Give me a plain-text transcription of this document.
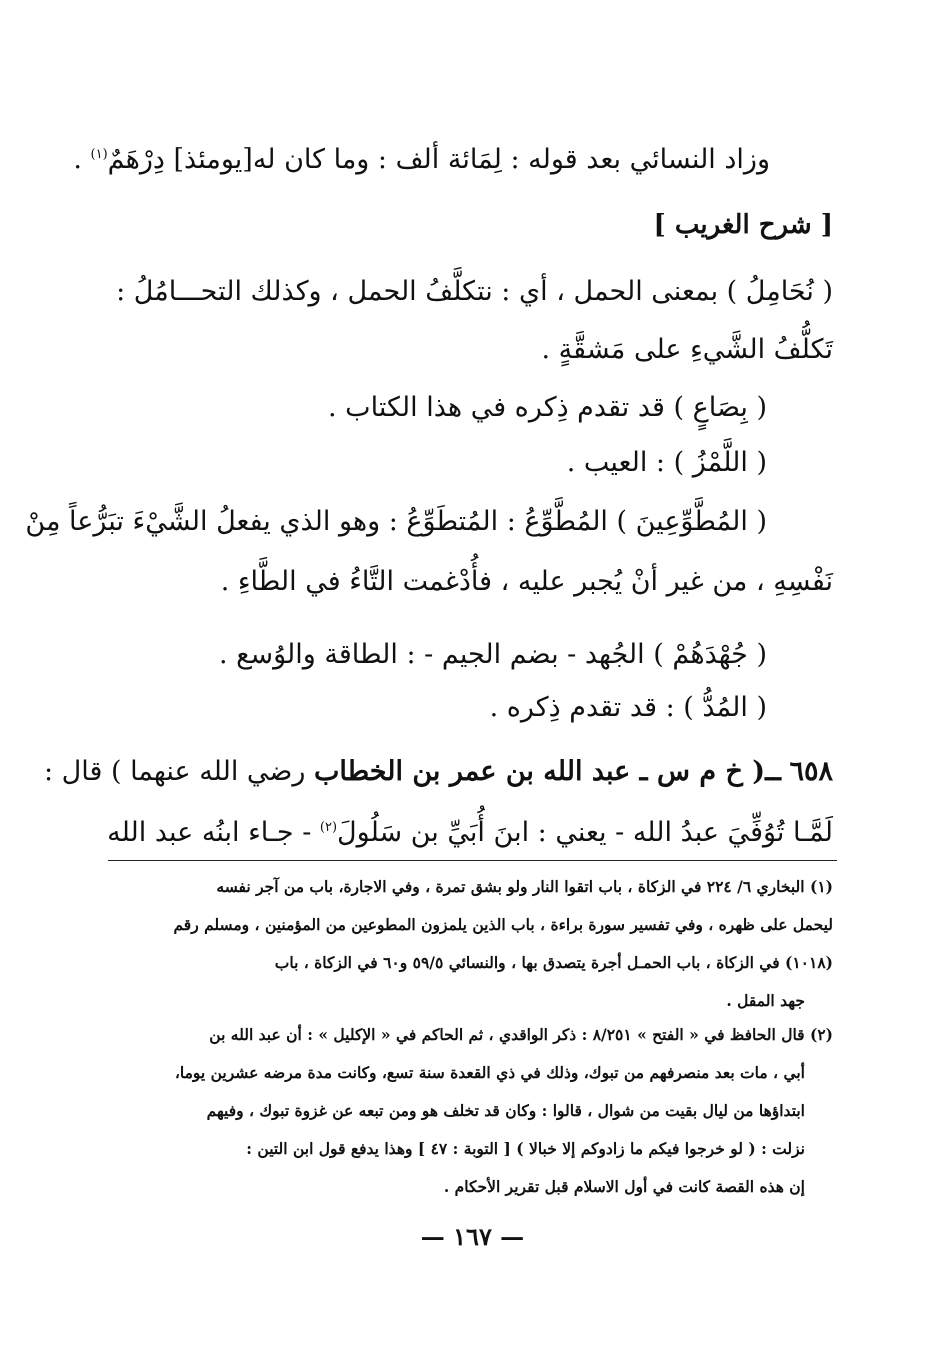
وزاد النسائي بعد قوله : لِمَائة ألف : وما كان له[يومئذ] دِرْهَمٌ$^{(١)}$ .
[ شرح الغريب ]
( نُحَامِلُ ) بمعنى الحمل ، أي : نتكلَّفُ الحمل ، وكذلك التحـــامُلُ :
تَكلُّفُ الشَّيءِ على مَشقَّةٍ .
( بِصَاعٍ ) قد تقدم ذِكره في هذا الكتاب .
( اللَّمْزُ ) : العيب .
( المُطَّوِّعِينَ ) المُطَّوِّعُ : المُتطَوِّعُ : وهو الذي يفعلُ الشَّيْءَ تبَرُّعاً مِنْ
نَفْسِهِ ، من غير أنْ يُجبر عليه ، فأُدْغمت التَّاءُ في الطَّاءِ .
( جُهْدَهُمْ ) الجُهد - بضم الجيم - : الطاقة والوُسع .
( المُدُّ ) : قد تقدم ذِكره .
٦٥٨ ــ( خ م س ـ عبد الله بن عمر بن الخطاب رضي الله عنهما ) قال :
لَمَّـا تُوُفِّيَ عبدُ الله - يعني : ابنَ أُبَيِّ بن سَلُولَ$^{(٢)}$ - جـاء ابنُه عبد الله
(١) البخاري ٦/ ٢٢٤ في الزكاة ، باب اتقوا النار ولو بشق تمرة ، وفي الاجارة، باب من آجر نفسه
ليحمل على ظهره ، وفي تفسير سورة براءة ، باب الذين يلمزون المطوعين من المؤمنين ، ومسلم رقم
(١٠١٨) في الزكاة ، باب الحمـل أجرة يتصدق بها ، والنسائي ٥٩/٥ و٦٠ في الزكاة ، باب
جهد المقل .
(٢) قال الحافظ في « الفتح » ٨/٢٥١ : ذكر الواقدي ، ثم الحاكم في « الإكليل » : أن عبد الله بن
أبي ، مات بعد منصرفهم من تبوك، وذلك في ذي القعدة سنة تسع، وكانت مدة مرضه عشرين يوما،
ابتداؤها من ليال بقيت من شوال ، قالوا : وكان قد تخلف هو ومن تبعه عن غزوة تبوك ، وفيهم
نزلت : ( لو خرجوا فيكم ما زادوكم إلا خبالا ) [ التوبة : ٤٧ ] وهذا يدفع قول ابن التين :
إن هذه القصة كانت في أول الاسلام قبل تقرير الأحكام .
— ١٦٧ —
